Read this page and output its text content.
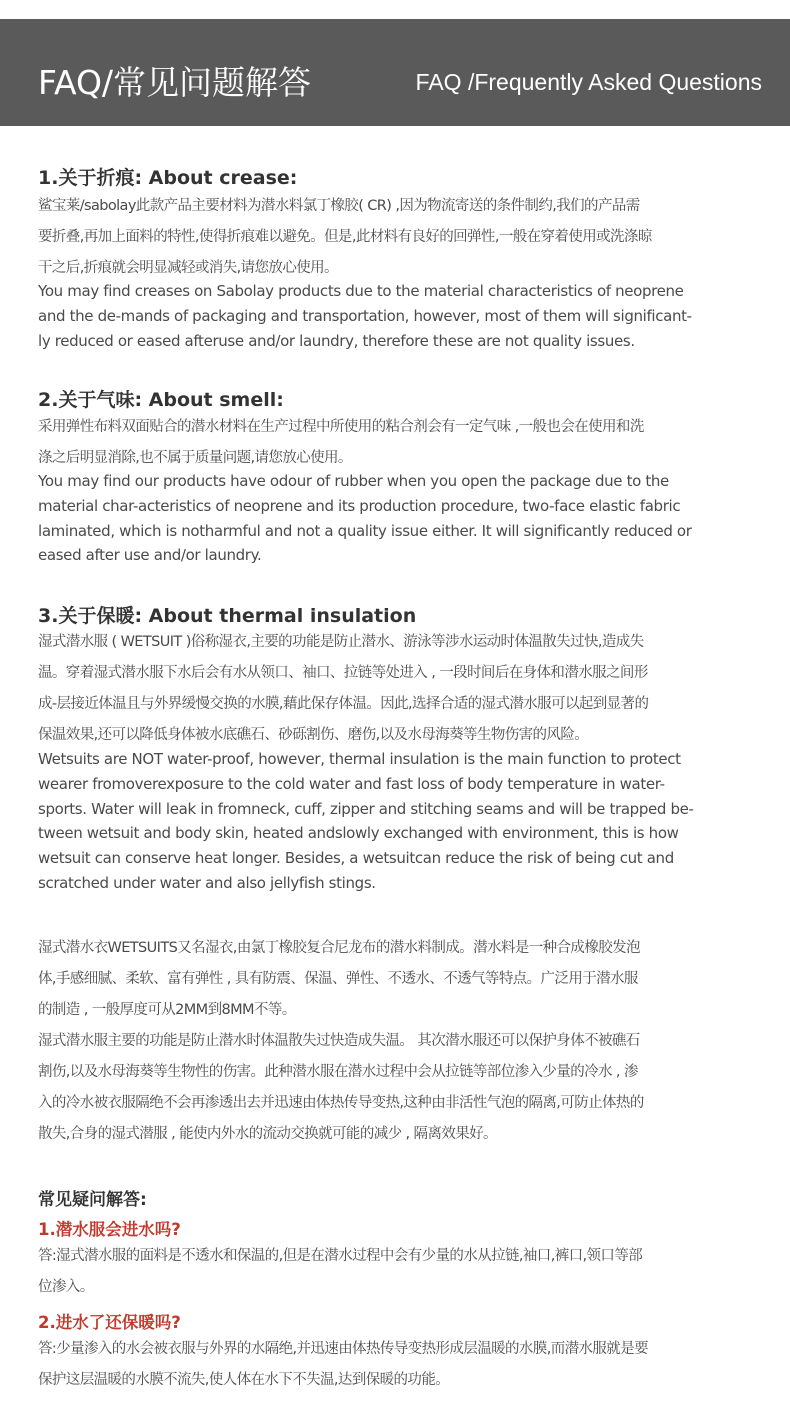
FAQ/常见问题解答	FAQ /Frequently Asked Questions
1.关于折痕: About crease:
鲨宝莱/sabolay此款产品主要材料为潜水料氯丁橡胶( CR) ,因为物流寄送的条件制约,我们的产品需
要折叠,再加上面料的特性,使得折痕难以避免。但是,此材料有良好的回弹性,一般在穿着使用或洗涤晾
干之后,折痕就会明显减轻或消失,请您放心使用。
You may find creases on Sabolay products due to the material characteristics of neoprene
and the de-mands of packaging and transportation, however, most of them will significant-
ly reduced or eased afteruse and/or laundry, therefore these are not quality issues.
2.关于气味: About smell:
采用弹性布料双面贴合的潜水材料在生产过程中所使用的粘合剂会有一定气味 ,一般也会在使用和洗
涤之后明显消除,也不属于质量问题,请您放心使用。
You may find our products have odour of rubber when you open the package due to the
material char-acteristics of neoprene and its production procedure, two-face elastic fabric
laminated, which is notharmful and not a quality issue either. It will significantly reduced or
eased after use and/or laundry.
3.关于保暖: About thermal insulation
湿式潜水服 ( WETSUIT )俗称湿衣,主要的功能是防止潜水、游泳等涉水运动时体温散失过快,造成失
温。穿着湿式潜水服下水后会有水从领口、袖口、拉链等处进入 , 一段时间后在身体和潜水服之间形
成-层接近体温且与外界缓慢交换的水膜,藉此保存体温。因此,选择合适的湿式潜水服可以起到显著的
保温效果,还可以降低身体被水底礁石、砂砾割伤、磨伤,以及水母海葵等生物伤害的风险。
Wetsuits are NOT water-proof, however, thermal insulation is the main function to protect
wearer fromoverexposure to the cold water and fast loss of body temperature in water-
sports. Water will leak in fromneck, cuff, zipper and stitching seams and will be trapped be-
tween wetsuit and body skin, heated andslowly exchanged with environment, this is how
wetsuit can conserve heat longer. Besides, a wetsuitcan reduce the risk of being cut and
scratched under water and also jellyfish stings.
湿式潜水衣WETSUITS又名湿衣,由氯丁橡胶复合尼龙布的潜水料制成。潜水料是一种合成橡胶发泡
体,手感细腻、柔软、富有弹性 , 具有防震、保温、弹性、不透水、不透气等特点。广泛用于潜水服
的制造 , 一般厚度可从2MM到8MM不等。
湿式潜水服主要的功能是防止潜水时体温散失过快造成失温。 其次潜水服还可以保护身体不被礁石
割伤,以及水母海葵等生物性的伤害。此种潜水服在潜水过程中会从拉链等部位渗入少量的冷水 , 渗
入的冷水被衣服隔绝不会再渗透出去并迅速由体热传导变热,这种由非活性气泡的隔离,可防止体热的
散失,合身的湿式潜服 , 能使内外水的流动交换就可能的减少 , 隔离效果好。
常见疑问解答:
1.潜水服会进水吗?
答:湿式潜水服的面料是不透水和保温的,但是在潜水过程中会有少量的水从拉链,袖口,裤口,领口等部
位渗入。
2.进水了还保暖吗?
答:少量渗入的水会被衣服与外界的水隔绝,并迅速由体热传导变热形成层温暖的水膜,而潜水服就是要
保护这层温暖的水膜不流失,使人体在水下不失温,达到保暖的功能。
